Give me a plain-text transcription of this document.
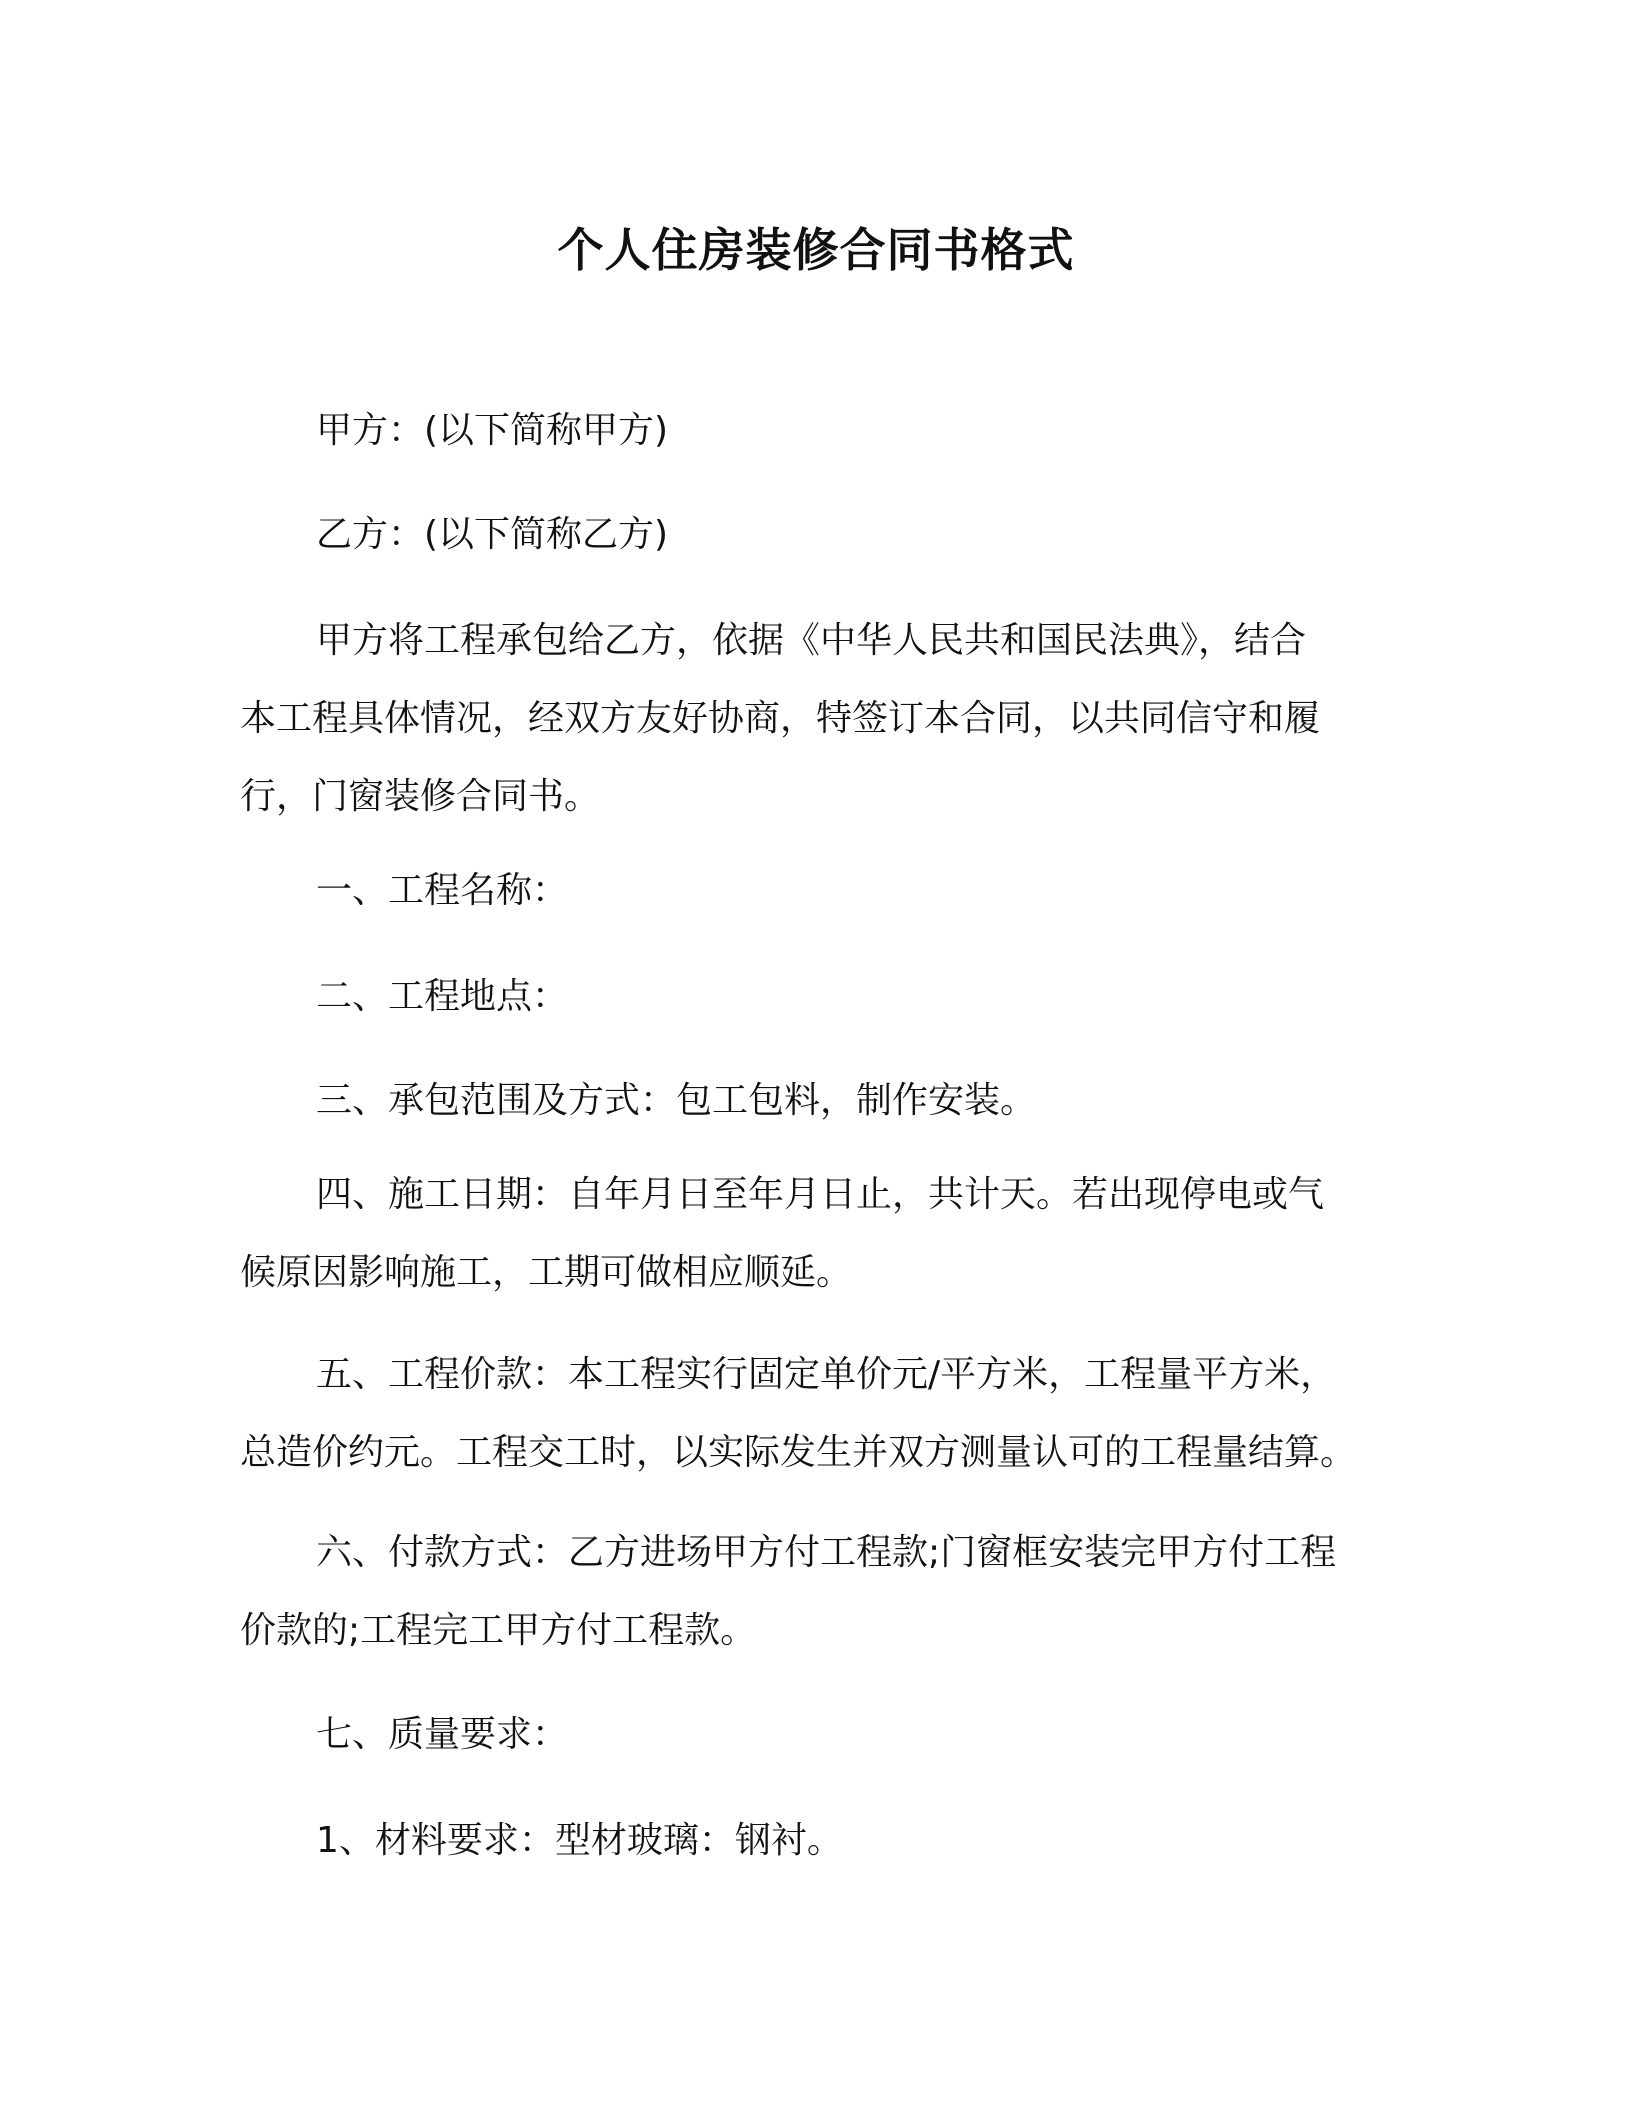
个人住房装修合同书格式
甲方：(以下简称甲方)
乙方：(以下简称乙方)
甲方将工程承包给乙方，依据《中华人民共和国民法典》，结合
本工程具体情况，经双方友好协商，特签订本合同，以共同信守和履
行，门窗装修合同书。
一、工程名称：
二、工程地点：
三、承包范围及方式：包工包料，制作安装。
四、施工日期：自年月日至年月日止，共计天。若出现停电或气
候原因影响施工，工期可做相应顺延。
五、工程价款：本工程实行固定单价元/平方米，工程量平方米，
总造价约元。工程交工时，以实际发生并双方测量认可的工程量结算。
六、付款方式：乙方进场甲方付工程款;门窗框安装完甲方付工程
价款的;工程完工甲方付工程款。
七、质量要求：
1、材料要求：型材玻璃：钢衬。
